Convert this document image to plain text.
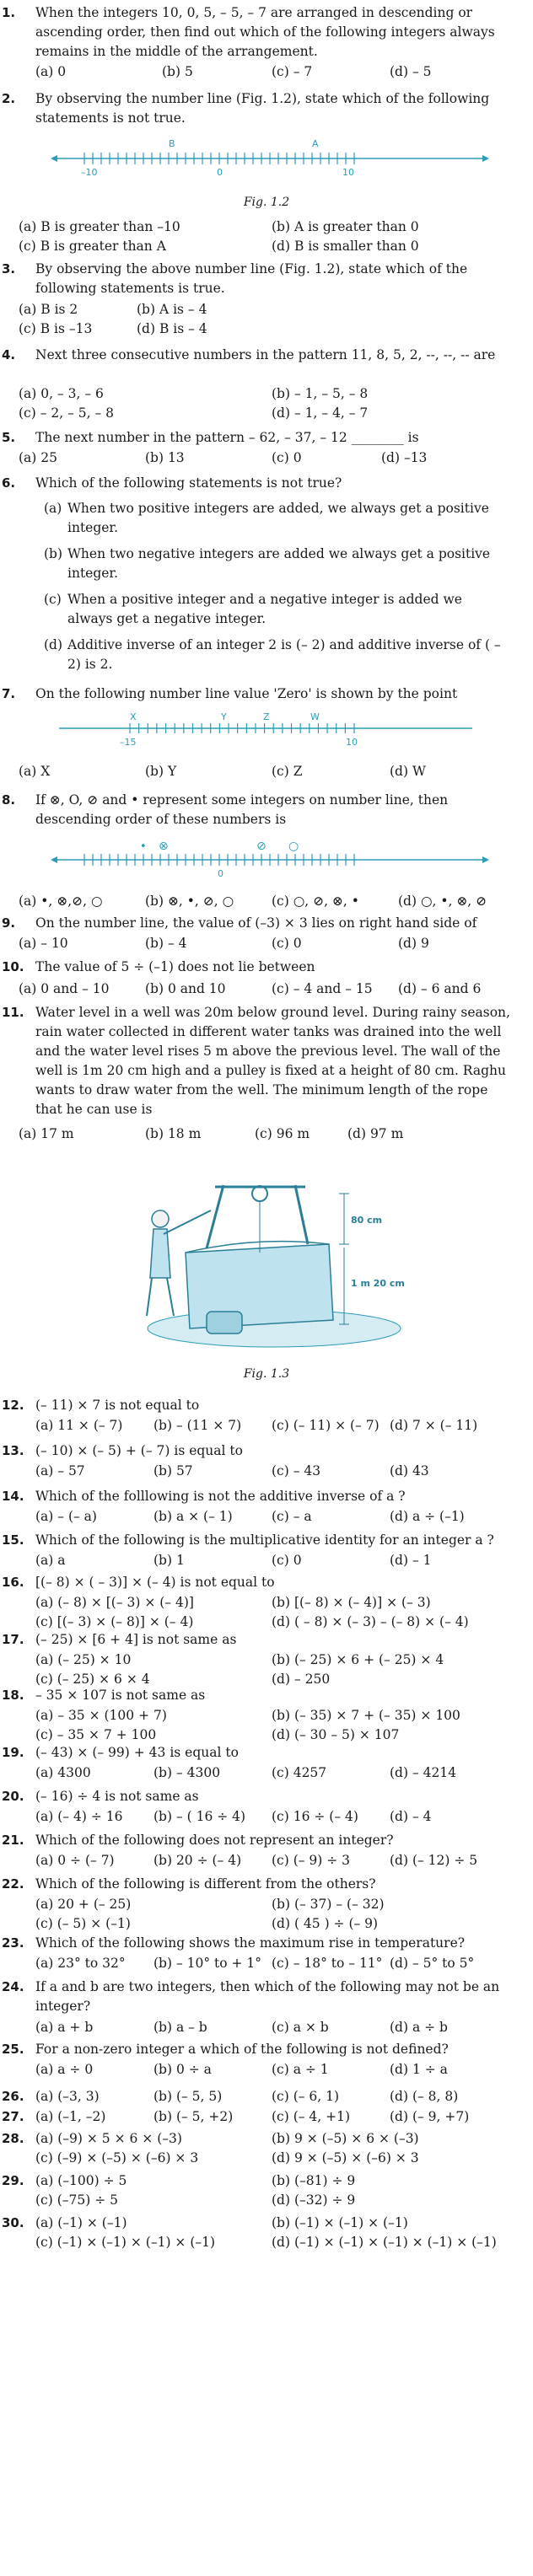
1. When the integers 10, 0, 5, – 5, – 7 are arranged in descending or ascending order, then find out which of the following integers always remains in the middle of the arrangement.
(a) 0	(b) 5	(c) – 7	(d) – 5
2. By observing the number line (Fig. 1.2), state which of the following statements is not true.
B	A
–10	0	10
Fig. 1.2
(a) B is greater than –10	(b) A is greater than 0
(c) B is greater than A	(d) B is smaller than 0
3. By observing the above number line (Fig. 1.2), state which of the following statements is true.
(a) B is 2	(b) A is – 4
(c) B is –13	(d) B is – 4
4. Next three consecutive numbers in the pattern 11, 8, 5, 2, --, --, -- are
(a) 0, – 3, – 6	(b) – 1, – 5, – 8
(c) – 2, – 5, – 8	(d) – 1, – 4, – 7
5. The next number in the pattern – 62, – 37, – 12 ________ is
(a) 25	(b) 13	(c) 0	(d) –13
6. Which of the following statements is not true?
(a) When two positive integers are added, we always get a positive integer.
(b) When two negative integers are added we always get a positive integer.
(c) When a positive integer and a negative integer is added we always get a negative integer.
(d) Additive inverse of an integer 2 is (– 2) and additive inverse of ( – 2) is 2.
7. On the following number line value 'Zero' is shown by the point
X	Y	Z	W
–15	10
(a) X	(b) Y	(c) Z	(d) W
8. If ⊗, O, ⊘ and • represent some integers on number line, then descending order of these numbers is
• ⊗	⊘ ○
0
(a) •, ⊗,⊘, ○	(b) ⊗, •, ⊘, ○	(c) ○, ⊘, ⊗, •	(d) ○, •, ⊗, ⊘
9. On the number line, the value of (–3) × 3 lies on right hand side of
(a) – 10	(b) – 4	(c) 0	(d) 9
10. The value of 5 ÷ (–1) does not lie between
(a) 0 and – 10	(b) 0 and 10	(c) – 4 and – 15 (d) – 6 and 6
11. Water level in a well was 20m below ground level. During rainy season, rain water collected in different water tanks was drained into the well and the water level rises 5 m above the previous level. The wall of the well is 1m 20 cm high and a pulley is fixed at a height of 80 cm. Raghu wants to draw water from the well. The minimum length of the rope that he can use is
(a) 17 m	(b) 18 m	(c) 96 m	(d) 97 m
80 cm
1 m 20 cm
Fig. 1.3
12. (– 11) × 7 is not equal to
(a) 11 × (– 7) (b) – (11 × 7) (c) (– 11) × (– 7) (d) 7 × (– 11)
13. (– 10) × (– 5) + (– 7) is equal to
(a) – 57	(b) 57	(c) – 43	(d) 43
14. Which of the folllowing is not the additive inverse of a ?
(a) – (– a)	(b) a × (– 1)	(c) – a	(d) a ÷ (–1)
15. Which of the following is the multiplicative identity for an integer a ?
(a) a	(b) 1	(c) 0	(d) – 1
16. [(– 8) × ( – 3)] × (– 4) is not equal to
(a) (– 8) × [(– 3) × (– 4)]	(b) [(– 8) × (– 4)] × (– 3)
(c) [(– 3) × (– 8)] × (– 4)	(d) ( – 8) × (– 3) – (– 8) × (– 4)
17. (– 25) × [6 + 4] is not same as
(a) (– 25) × 10	(b) (– 25) × 6 + (– 25) × 4
(c) (– 25) × 6 × 4	(d) – 250
18. – 35 × 107 is not same as
(a) – 35 × (100 + 7)	(b) (– 35) × 7 + (– 35) × 100
(c) – 35 × 7 + 100	(d) (– 30 – 5) × 107
19. (– 43) × (– 99) + 43 is equal to
(a) 4300	(b) – 4300	(c) 4257	(d) – 4214
20. (– 16) ÷ 4 is not same as
(a) (– 4) ÷ 16 (b) – ( 16 ÷ 4) (c) 16 ÷ (– 4) (d) – 4
21. Which of the following does not represent an integer?
(a) 0 ÷ (– 7)	(b) 20 ÷ (– 4) (c) (– 9) ÷ 3	(d) (– 12) ÷ 5
22. Which of the following is different from the others?
(a) 20 + (– 25)	(b) (– 37) – (– 32)
(c) (– 5) × (–1)	(d) ( 45 ) ÷ (– 9)
23. Which of the following shows the maximum rise in temperature?
(a) 23° to 32° (b) – 10° to + 1° (c) – 18° to – 11° (d) – 5° to 5°
24. If a and b are two integers, then which of the following may not be an integer?
(a) a + b	(b) a – b	(c) a × b	(d) a ÷ b
25. For a non-zero integer a which of the following is not defined?
(a) a ÷ 0	(b) 0 ÷ a	(c) a ÷ 1	(d) 1 ÷ a
26. (a) (–3, 3)	(b) (– 5, 5)	(c) (– 6, 1)	(d) (– 8, 8)
27. (a) (–1, –2)	(b) (– 5, +2)	(c) (– 4, +1)	(d) (– 9, +7)
28. (a) (–9) × 5 × 6 × (–3)	(b) 9 × (–5) × 6 × (–3)
(c) (–9) × (–5) × (–6) × 3	(d) 9 × (–5) × (–6) × 3
29. (a) (–100) ÷ 5	(b) (–81) ÷ 9
(c) (–75) ÷ 5	(d) (–32) ÷ 9
30. (a) (–1) × (–1)	(b) (–1) × (–1) × (–1)
(c) (–1) × (–1) × (–1) × (–1)	(d) (–1) × (–1) × (–1) × (–1) × (–1)
